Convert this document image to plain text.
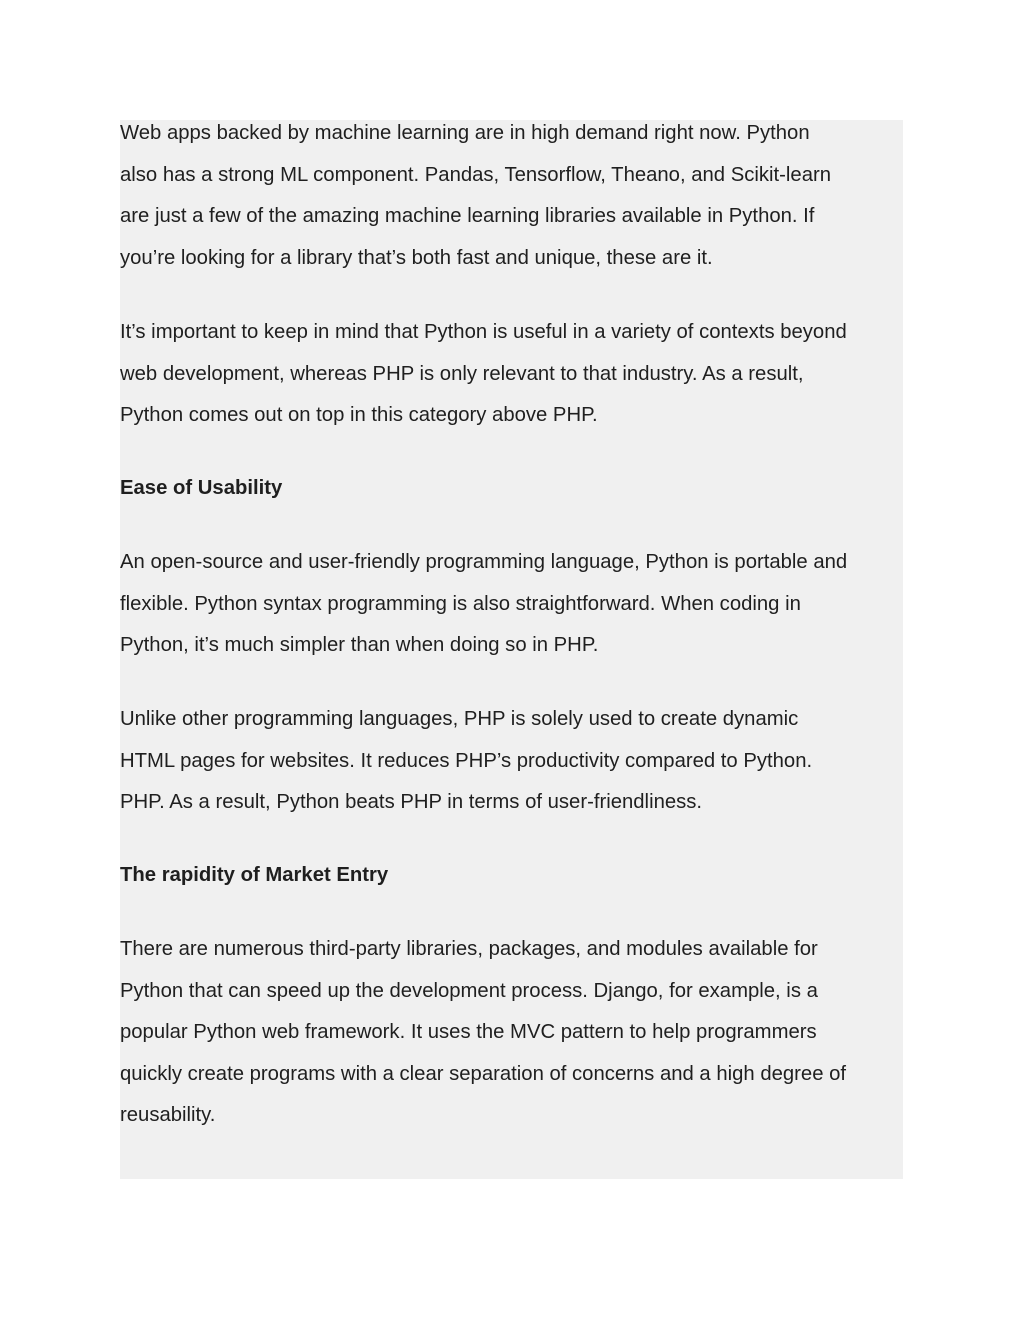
Web apps backed by machine learning are in high demand right now. Python
also has a strong ML component. Pandas, Tensorflow, Theano, and Scikit-learn
are just a few of the amazing machine learning libraries available in Python. If
you’re looking for a library that’s both fast and unique, these are it.

It’s important to keep in mind that Python is useful in a variety of contexts beyond
web development, whereas PHP is only relevant to that industry. As a result,
Python comes out on top in this category above PHP.

Ease of Usability

An open-source and user-friendly programming language, Python is portable and
flexible. Python syntax programming is also straightforward. When coding in
Python, it’s much simpler than when doing so in PHP.

Unlike other programming languages, PHP is solely used to create dynamic
HTML pages for websites. It reduces PHP’s productivity compared to Python.
PHP. As a result, Python beats PHP in terms of user-friendliness.

The rapidity of Market Entry

There are numerous third-party libraries, packages, and modules available for
Python that can speed up the development process. Django, for example, is a
popular Python web framework. It uses the MVC pattern to help programmers
quickly create programs with a clear separation of concerns and a high degree of
reusability.
